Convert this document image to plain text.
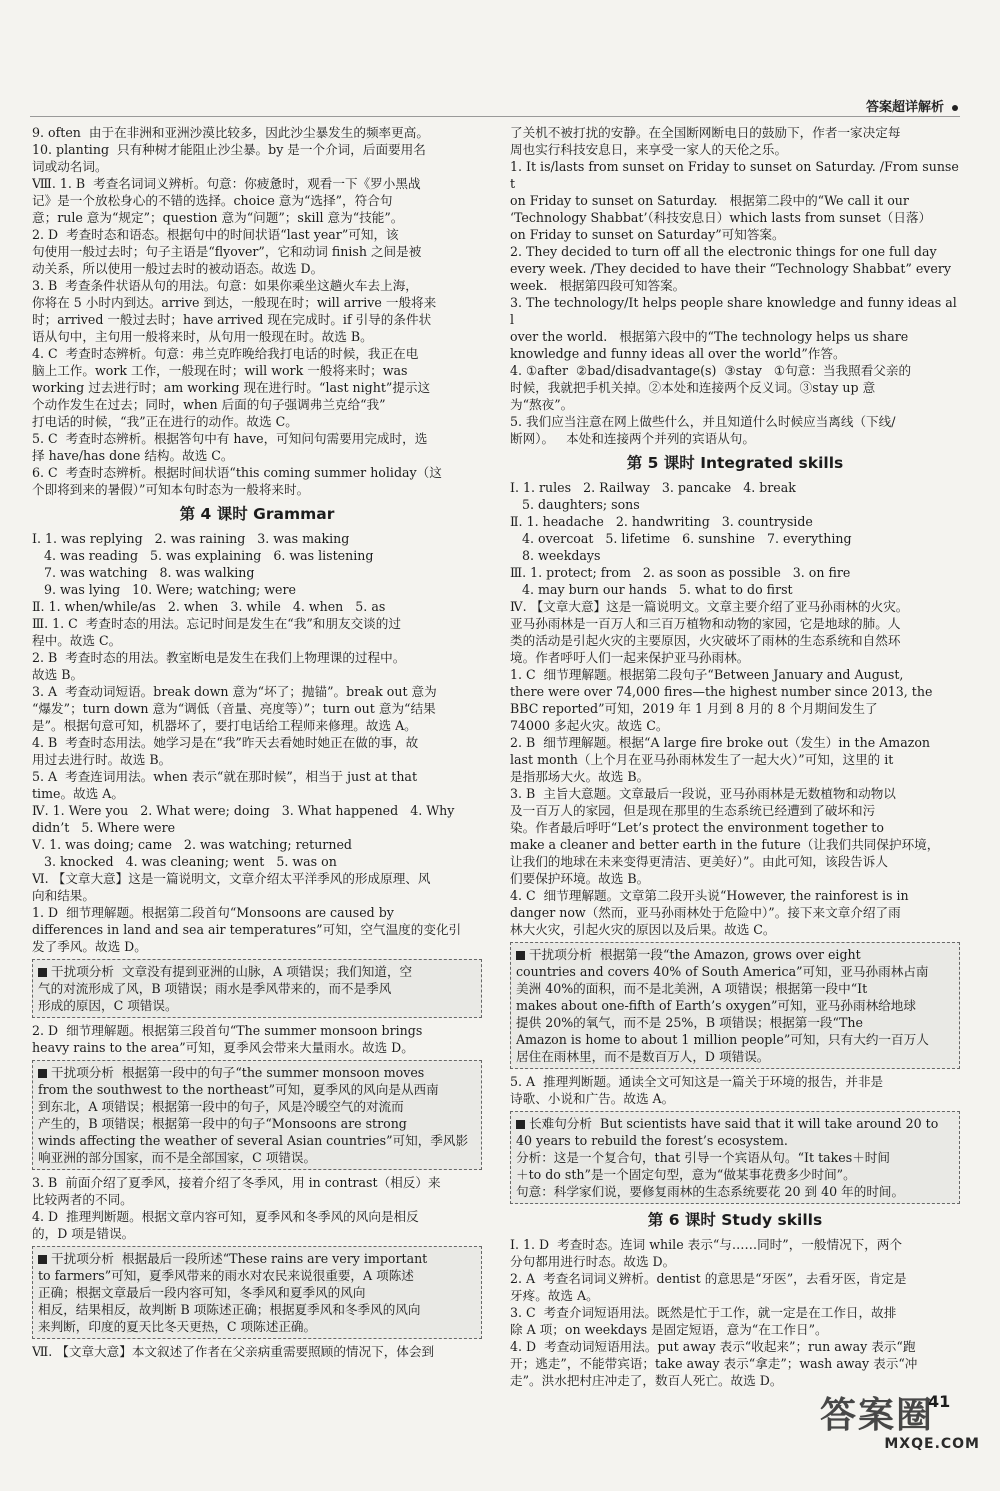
答案超详解析
9. often  由于在非洲和亚洲沙漠比较多，因此沙尘暴发生的频率更高。
10. planting  只有种树才能阻止沙尘暴。by 是一个介词，后面要用名
词或动名词。
Ⅷ. 1. B  考查名词词义辨析。句意：你疲惫时，观看一下《罗小黑战
记》是一个放松身心的不错的选择。choice 意为“选择”，符合句
意；rule 意为“规定”；question 意为“问题”；skill 意为“技能”。
2. D  考查时态和语态。根据句中的时间状语“last year”可知，该
句使用一般过去时；句子主语是“flyover”，它和动词 finish 之间是被
动关系，所以使用一般过去时的被动语态。故选 D。
3. B  考查条件状语从句的用法。句意：如果你乘坐这趟火车去上海，
你将在 5 小时内到达。arrive 到达，一般现在时；will arrive 一般将来
时；arrived 一般过去时；have arrived 现在完成时。if 引导的条件状
语从句中，主句用一般将来时，从句用一般现在时。故选 B。
4. C  考查时态辨析。句意：弗兰克昨晚给我打电话的时候，我正在电
脑上工作。work 工作，一般现在时；will work 一般将来时；was
working 过去进行时；am working 现在进行时。“last night”提示这
个动作发生在过去；同时，when 后面的句子强调弗兰克给“我”
打电话的时候，“我”正在进行的动作。故选 C。
5. C  考查时态辨析。根据答句中有 have，可知问句需要用完成时，选
择 have/has done 结构。故选 C。
6. C  考查时态辨析。根据时间状语“this coming summer holiday（这
个即将到来的暑假）”可知本句时态为一般将来时。
第 4 课时 Grammar
Ⅰ. 1. was replying   2. was raining   3. was making
4. was reading   5. was explaining   6. was listening
7. was watching   8. was walking
9. was lying   10. Were; watching; were
Ⅱ. 1. when/while/as   2. when   3. while   4. when   5. as
Ⅲ. 1. C  考查时态的用法。忘记时间是发生在“我”和朋友交谈的过
程中。故选 C。
2. B  考查时态的用法。教室断电是发生在我们上物理课的过程中。
故选 B。
3. A  考查动词短语。break down 意为“坏了；抛锚”。break out 意为
“爆发”；turn down 意为“调低（音量、亮度等）”；turn out 意为“结果
是”。根据句意可知，机器坏了，要打电话给工程师来修理。故选 A。
4. B  考查时态用法。她学习是在“我”昨天去看她时她正在做的事，故
用过去进行时。故选 B。
5. A  考查连词用法。when 表示“就在那时候”，相当于 just at that
time。故选 A。
Ⅳ. 1. Were you   2. What were; doing   3. What happened   4. Why
didn’t   5. Where were
Ⅴ. 1. was doing; came   2. was watching; returned
3. knocked   4. was cleaning; went   5. was on
Ⅵ. 【文章大意】这是一篇说明文，文章介绍太平洋季风的形成原理、风
向和结果。
1. D  细节理解题。根据第二段首句“Monsoons are caused by
differences in land and sea air temperatures”可知，空气温度的变化引
发了季风。故选 D。
干扰项分析  文章没有提到亚洲的山脉，A 项错误；我们知道，空
气的对流形成了风，B 项错误；雨水是季风带来的，而不是季风
形成的原因，C 项错误。
2. D  细节理解题。根据第三段首句“The summer monsoon brings
heavy rains to the area”可知，夏季风会带来大量雨水。故选 D。
干扰项分析  根据第一段中的句子“the summer monsoon moves
from the southwest to the northeast”可知，夏季风的风向是从西南
到东北，A 项错误；根据第一段中的句子，风是冷暖空气的对流而
产生的，B 项错误；根据第一段中的句子“Monsoons are strong
winds affecting the weather of several Asian countries”可知，季风影
响亚洲的部分国家，而不是全部国家，C 项错误。
3. B  前面介绍了夏季风，接着介绍了冬季风，用 in contrast（相反）来
比较两者的不同。
4. D  推理判断题。根据文章内容可知，夏季风和冬季风的风向是相反
的，D 项是错误。
干扰项分析  根据最后一段所述“These rains are very important
to farmers”可知，夏季风带来的雨水对农民来说很重要，A 项陈述
正确；根据文章最后一段内容可知，冬季风和夏季风的风向
相反，结果相反，故判断 B 项陈述正确；根据夏季风和冬季风的风向
来判断，印度的夏天比冬天更热，C 项陈述正确。
Ⅶ. 【文章大意】本文叙述了作者在父亲病重需要照顾的情况下，体会到
了关机不被打扰的安静。在全国断网断电日的鼓励下，作者一家决定每
周也实行科技安息日，来享受一家人的天伦之乐。
1. It is/lasts from sunset on Friday to sunset on Saturday. /From sunset
on Friday to sunset on Saturday.   根据第二段中的“We call it our
‘Technology Shabbat’（科技安息日）which lasts from sunset（日落）
on Friday to sunset on Saturday”可知答案。
2. They decided to turn off all the electronic things for one full day
every week. /They decided to have their “Technology Shabbat” every
week.   根据第四段可知答案。
3. The technology/It helps people share knowledge and funny ideas all
over the world.   根据第六段中的“The technology helps us share
knowledge and funny ideas all over the world”作答。
4. ①after  ②bad/disadvantage(s)  ③stay   ①句意：当我照看父亲的
时候，我就把手机关掉。②本处和连接两个反义词。③stay up 意
为“熬夜”。
5. 我们应当注意在网上做些什么，并且知道什么时候应当离线（下线/
断网）。   本处和连接两个并列的宾语从句。
第 5 课时 Integrated skills
Ⅰ. 1. rules   2. Railway   3. pancake   4. break
5. daughters; sons
Ⅱ. 1. headache   2. handwriting   3. countryside
4. overcoat   5. lifetime   6. sunshine   7. everything
8. weekdays
Ⅲ. 1. protect; from   2. as soon as possible   3. on fire
4. may burn our hands   5. what to do first
Ⅳ. 【文章大意】这是一篇说明文。文章主要介绍了亚马孙雨林的火灾。
亚马孙雨林是一百万人和三百万植物和动物的家园，它是地球的肺。人
类的活动是引起火灾的主要原因，火灾破坏了雨林的生态系统和自然环
境。作者呼吁人们一起来保护亚马孙雨林。
1. C  细节理解题。根据第二段句子“Between January and August,
there were over 74,000 fires—the highest number since 2013, the
BBC reported”可知，2019 年 1 月到 8 月的 8 个月期间发生了
74000 多起火灾。故选 C。
2. B  细节理解题。根据“A large fire broke out（发生）in the Amazon
last month（上个月在亚马孙雨林发生了一起大火）”可知，这里的 it
是指那场大火。故选 B。
3. B  主旨大意题。文章最后一段说，亚马孙雨林是无数植物和动物以
及一百万人的家园，但是现在那里的生态系统已经遭到了破坏和污
染。作者最后呼吁“Let’s protect the environment together to
make a cleaner and better earth in the future（让我们共同保护环境，
让我们的地球在未来变得更清洁、更美好）”。由此可知，该段告诉人
们要保护环境。故选 B。
4. C  细节理解题。文章第二段开头说“However, the rainforest is in
danger now（然而，亚马孙雨林处于危险中）”。接下来文章介绍了雨
林大火灾，引起火灾的原因以及后果。故选 C。
干扰项分析  根据第一段“the Amazon, grows over eight
countries and covers 40% of South America”可知，亚马孙雨林占南
美洲 40%的面积，而不是北美洲，A 项错误；根据第一段中“It
makes about one-fifth of Earth’s oxygen”可知，亚马孙雨林给地球
提供 20%的氧气，而不是 25%，B 项错误；根据第一段“The
Amazon is home to about 1 million people”可知，只有大约一百万人
居住在雨林里，而不是数百万人，D 项错误。
5. A  推理判断题。通读全文可知这是一篇关于环境的报告，并非是
诗歌、小说和广告。故选 A。
长难句分析  But scientists have said that it will take around 20 to
40 years to rebuild the forest’s ecosystem.
分析：这是一个复合句，that 引导一个宾语从句。“It takes＋时间
＋to do sth”是一个固定句型，意为“做某事花费多少时间”。
句意：科学家们说，要修复雨林的生态系统要花 20 到 40 年的时间。
第 6 课时 Study skills
Ⅰ. 1. D  考查时态。连词 while 表示“与……同时”，一般情况下，两个
分句都用进行时态。故选 D。
2. A  考查名词词义辨析。dentist 的意思是“牙医”，去看牙医，肯定是
牙疼。故选 A。
3. C  考查介词短语用法。既然是忙于工作，就一定是在工作日，故排
除 A 项；on weekdays 是固定短语，意为“在工作日”。
4. D  考查动词短语用法。put away 表示“收起来”；run away 表示“跑
开；逃走”，不能带宾语；take away 表示“拿走”；wash away 表示“冲
走”。洪水把村庄冲走了，数百人死亡。故选 D。
41
答案圈
MXQE.COM
